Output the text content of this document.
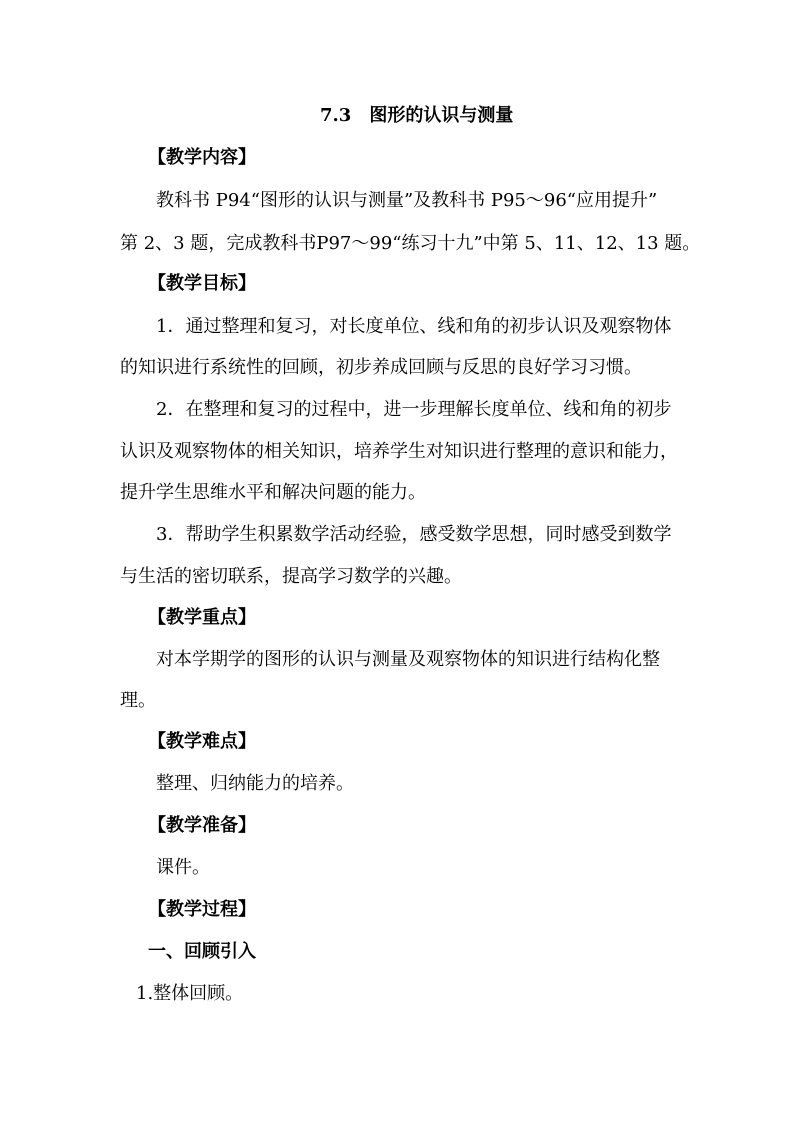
7.3　图形的认识与测量
【教学内容】
教科书 P94“图形的认识与测量”及教科书 P95～96“应用提升”
第 2、3 题，完成教科书P97～99“练习十九”中第 5、11、12、13 题。
【教学目标】
1．通过整理和复习，对长度单位、线和角的初步认识及观察物体
的知识进行系统性的回顾，初步养成回顾与反思的良好学习习惯。
2．在整理和复习的过程中，进一步理解长度单位、线和角的初步
认识及观察物体的相关知识，培养学生对知识进行整理的意识和能力，
提升学生思维水平和解决问题的能力。
3．帮助学生积累数学活动经验，感受数学思想，同时感受到数学
与生活的密切联系，提高学习数学的兴趣。
【教学重点】
对本学期学的图形的认识与测量及观察物体的知识进行结构化整
理。
【教学难点】
整理、归纳能力的培养。
【教学准备】
课件。
【教学过程】
一、回顾引入
1.整体回顾。
